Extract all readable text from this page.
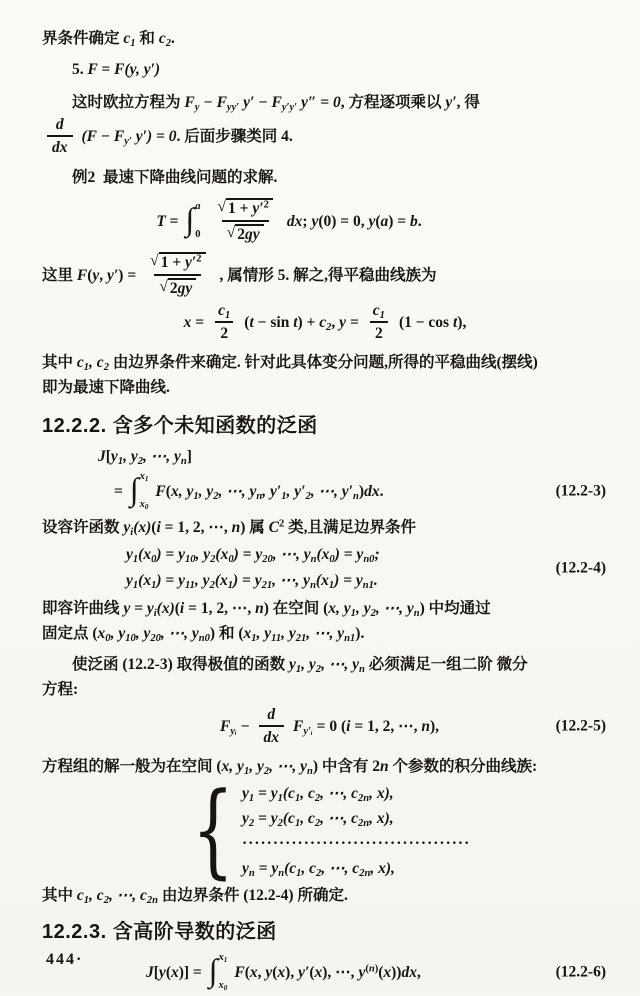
界条件确定 $c_1$ 和 $c_2$.
5. F = F(y, y′)
这时欧拉方程为 $F_y - F_{yy'}$ $y' - F_{y'y'}$ y″ = 0, 方程逐项乘以 y′, 得
$\frac{d}{dx} (F - F_{y'}$ y′) = 0. 后面步骤类同 4.
例2 最速下降曲线问题的求解.
T = ∫ a
$0 \frac{√ 1 + y'^2}{√ 2gy}$ dx; y(0) = 0, y(a) = b.
这里 F(y, $y') = \frac{√ 1 + y'^2}{√ 2gy}$ , 属情形 5. 解之,得平稳曲线族为
$x = \frac{c_1}{2} (t - \sin t) + c_2$, $y = \frac{c_1}{2} (1 - \cos t)$,
其中 $c_1$, $c_2$ 由边界条件来确定. 针对此具体变分问题,所得的平稳曲线(摆线)
即为最速下降曲线.
12.2.2. 含多个未知函数的泛函
$J[y_1$, $y_2$, ⋯, $y_n$]
= ∫ $x_1$
$x_0$
F(x, $y_1$, $y_2$, ⋯, $y_n$, $y'_1$, $y'_2$, ⋯, $y'_n)dx$.	(12.2-3)
设容许函数 $y_i(x)(i = 1$, 2, ⋯, n) 属 $C^2$ 类,且满足边界条件
$y_1(x_0) = y_{10}$, $y_2(x_0) = y_{20}$, ⋯, $y_n(x_0) = y_{n0}$;
$y_1(x_1) = y_{11}$, $y_2(x_1) = y_{21}$, ⋯, $y_n(x_1) = y_{n1}$.
(12.2-4)
即容许曲线 $y = y_i(x)(i = 1$, 2, ⋯, n) 在空间 (x, $y_1$, $y_2$, ⋯, $y_n$) 中均通过
固定点 ($x_0$, $y_{10}$, $y_{20}$, ⋯, $y_{n0}$) 和 ($x_1$, $y_{11}$, $y_{21}$, ⋯, $y_{n1}$).
使泛函 (12.2-3) 取得极值的函数 $y_1$, $y_2$, ⋯, $y_n$ 必须满足一组二阶 微分
方程:
$F_{yᵢ} - \frac{d}{dx} F_{y'ᵢ} = 0$ (i = 1, 2, ⋯, n),	(12.2-5)
方程组的解一般为在空间 (x, $y_1$, $y_2$, ⋯, $y_n$) 中含有 2n 个参数的积分曲线族:
{ $y_1 = y_1(c_1$, $c_2$, ⋯, $c_{2n}$, x),
$y_2 = y_2(c_1$, $c_2$, ⋯, $c_{2n}$, x),
·····································
$y_n = y_n(c_1$, $c_2$, ⋯, $c_{2n}$, x),
其中 $c_1$, $c_2$, ⋯, $c_{2n}$ 由边界条件 (12.2-4) 所确定.
12.2.3. 含高阶导数的泛函
J[y(x)] = ∫ $x_1$
$x_0$
F(x, y(x), y′(x), ⋯, $y^{(n)}(x))dx$,	(12.2-6)
444·
